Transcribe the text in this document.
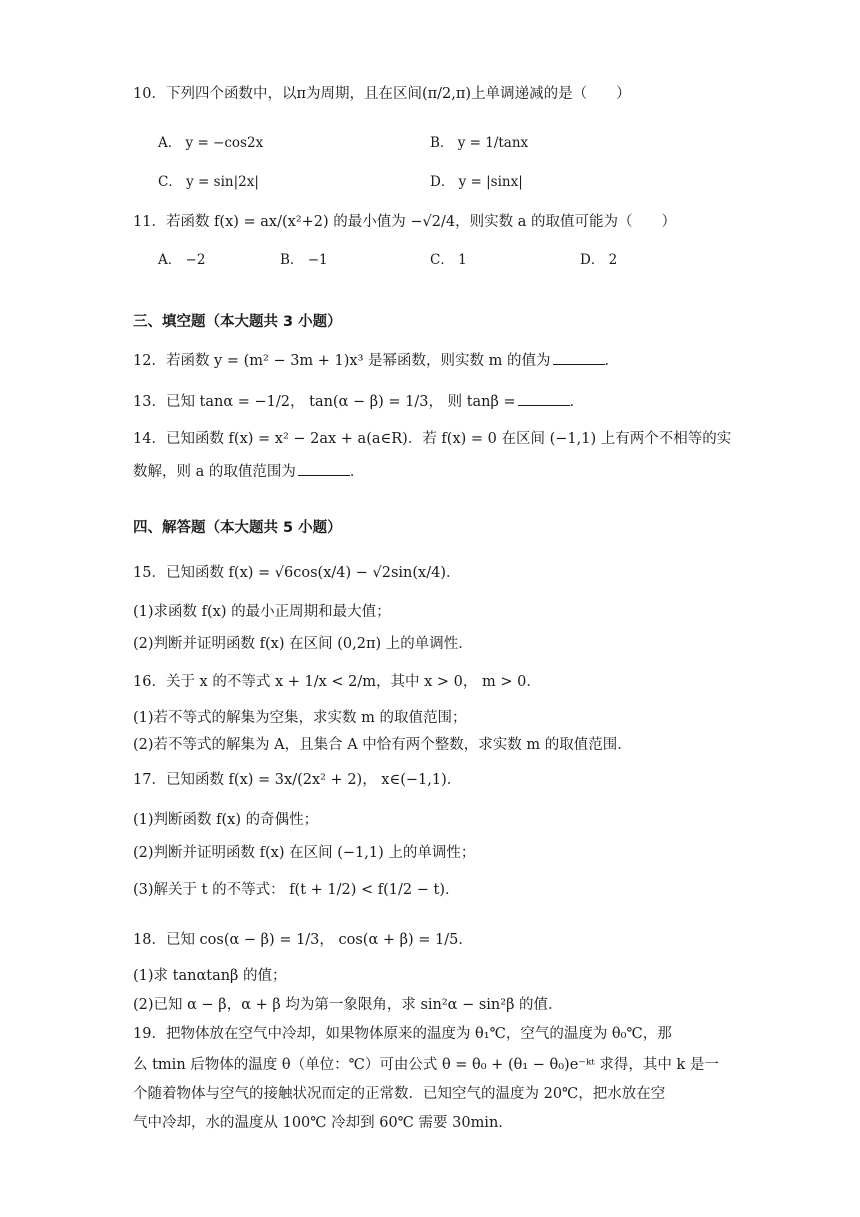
10．下列四个函数中，以π为周期，且在区间(π/2,π)上单调递减的是（　　）
A． y = −cos2x	B． y = 1/tanx
C． y = sin|2x|	D． y = |sinx|
11．若函数 f(x) = ax/(x²+2) 的最小值为 −√2/4，则实数 a 的取值可能为（　　）
A． −2	B． −1	C． 1	D． 2
三、填空题（本大题共 3 小题）
12．若函数 y = (m² − 3m + 1)x³ 是幂函数，则实数 m 的值为	．
13．已知 tanα = −1/2， tan(α − β) = 1/3， 则 tanβ =	．
14．已知函数 f(x) = x² − 2ax + a(a∈R)．若 f(x) = 0 在区间 (−1,1) 上有两个不相等的实
数解，则 a 的取值范围为	．
四、解答题（本大题共 5 小题）
15．已知函数 f(x) = √6cos(x/4) − √2sin(x/4)．
(1)求函数 f(x) 的最小正周期和最大值；
(2)判断并证明函数 f(x) 在区间 (0,2π) 上的单调性．
16．关于 x 的不等式 x + 1/x < 2/m，其中 x > 0， m > 0．
(1)若不等式的解集为空集，求实数 m 的取值范围；
(2)若不等式的解集为 A，且集合 A 中恰有两个整数，求实数 m 的取值范围．
17．已知函数 f(x) = 3x/(2x² + 2)， x∈(−1,1)．
(1)判断函数 f(x) 的奇偶性；
(2)判断并证明函数 f(x) 在区间 (−1,1) 上的单调性；
(3)解关于 t 的不等式： f(t + 1/2) < f(1/2 − t)．
18．已知 cos(α − β) = 1/3， cos(α + β) = 1/5．
(1)求 tanαtanβ 的值；
(2)已知 α − β，α + β 均为第一象限角，求 sin²α − sin²β 的值．
19．把物体放在空气中冷却，如果物体原来的温度为 θ₁℃，空气的温度为 θ₀℃，那
么 tmin 后物体的温度 θ（单位：℃）可由公式 θ = θ₀ + (θ₁ − θ₀)e⁻ᵏᵗ 求得，其中 k 是一
个随着物体与空气的接触状况而定的正常数．已知空气的温度为 20℃，把水放在空
气中冷却，水的温度从 100℃ 冷却到 60℃ 需要 30min．
